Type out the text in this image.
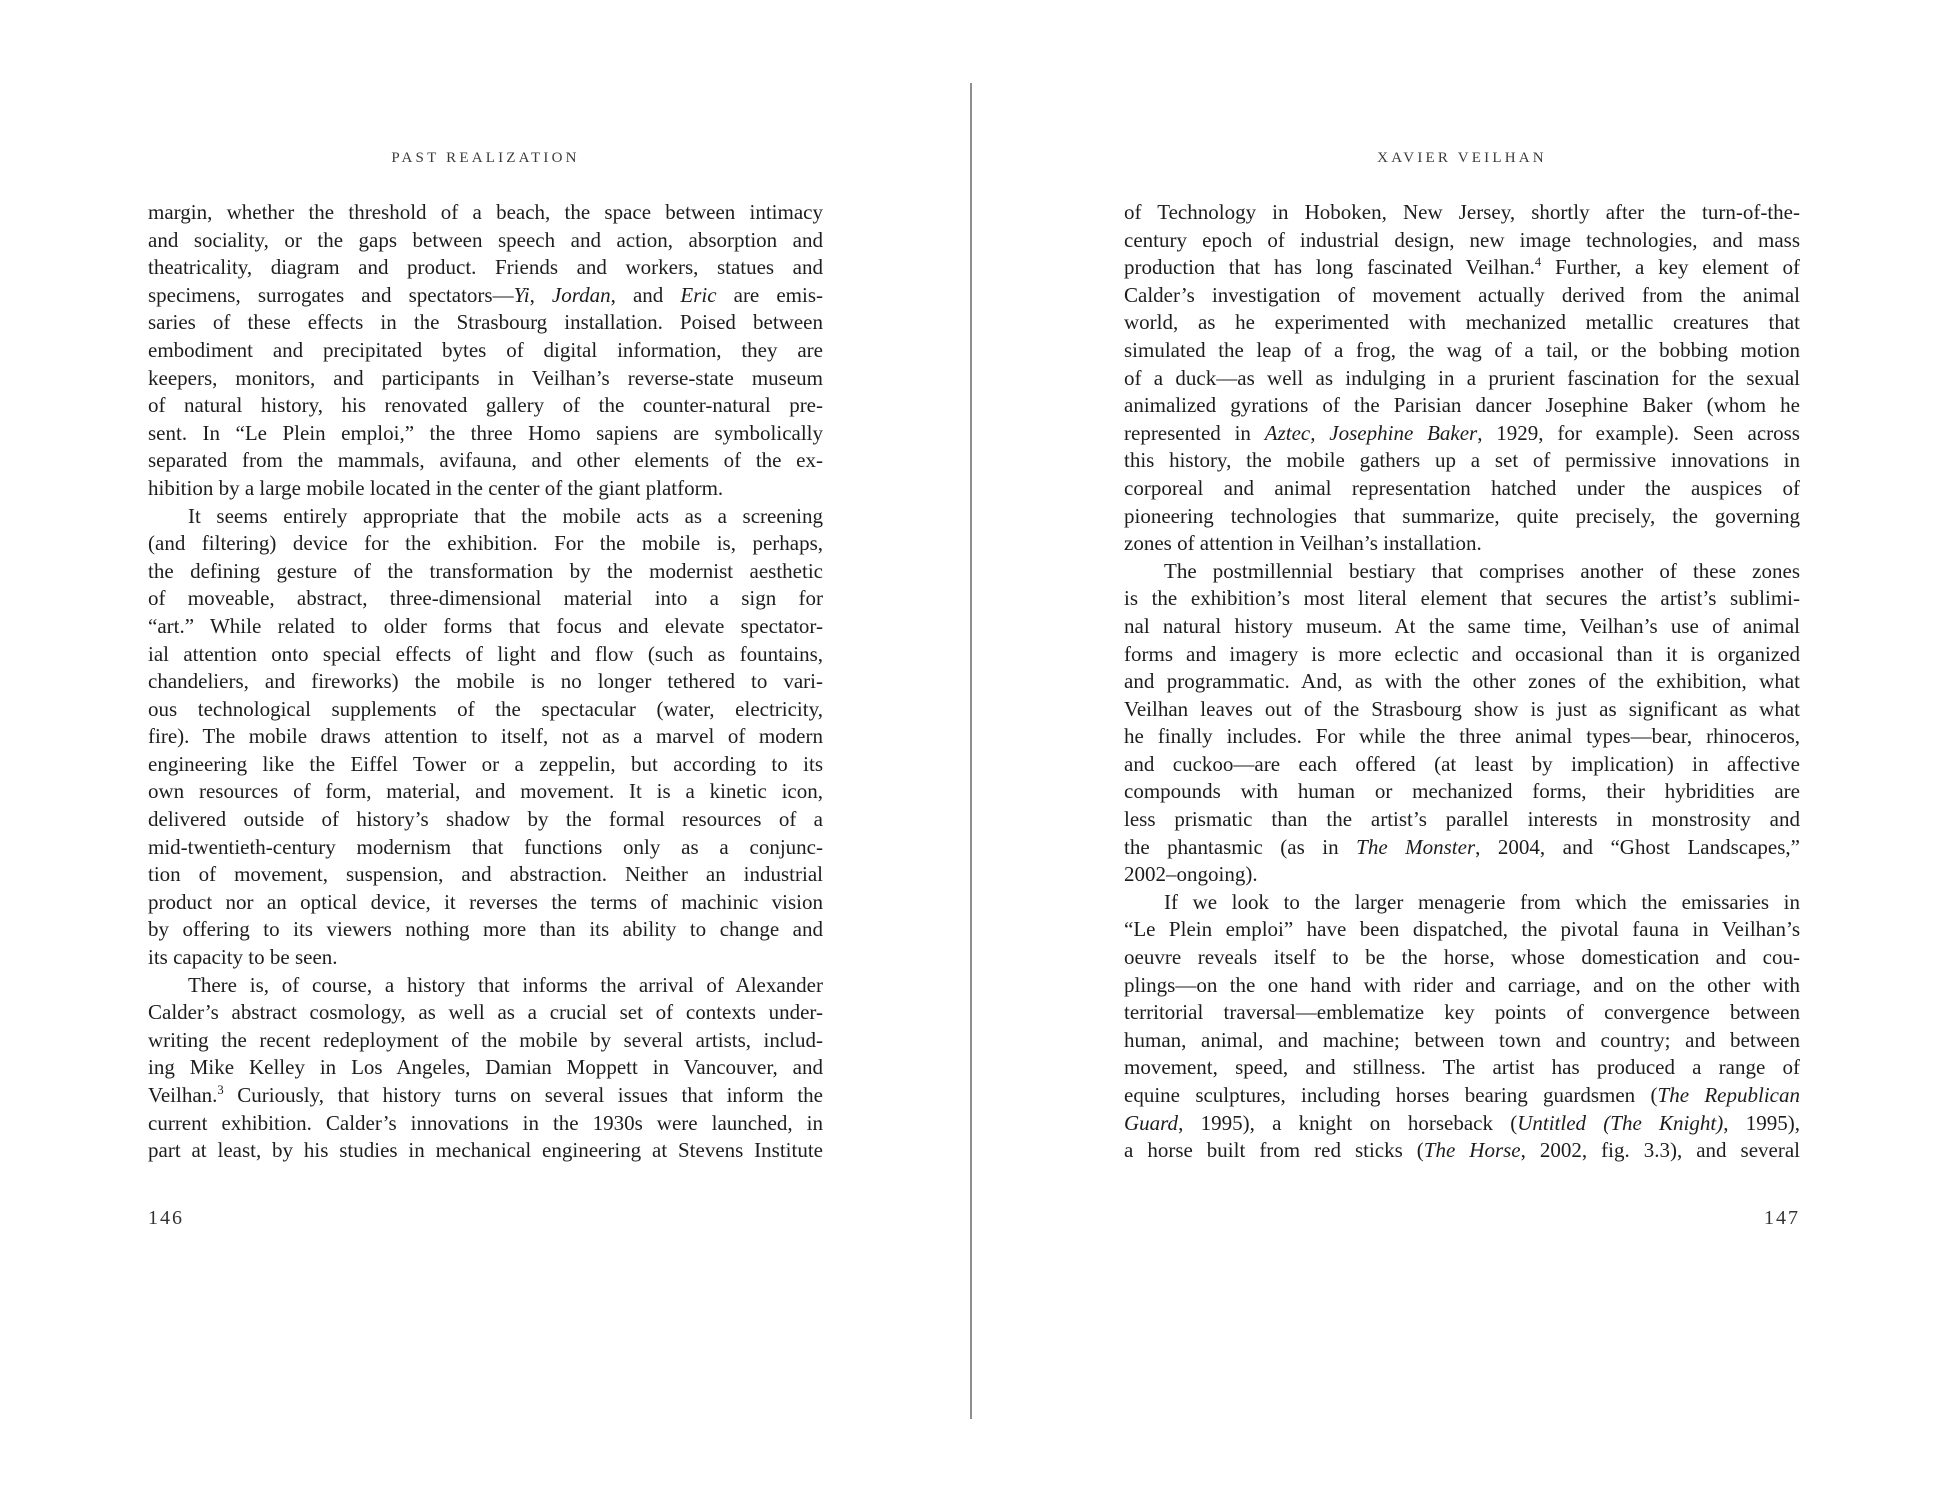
PAST REALIZATION
margin, whether the threshold of a beach, the space between intimacy
and sociality, or the gaps between speech and action, absorption and
theatricality, diagram and product. Friends and workers, statues and
specimens, surrogates and spectators—Yi, Jordan, and Eric are emis-
saries of these effects in the Strasbourg installation. Poised between
embodiment and precipitated bytes of digital information, they are
keepers, monitors, and participants in Veilhan’s reverse-state museum
of natural history, his renovated gallery of the counter-natural pre-
sent. In “Le Plein emploi,” the three Homo sapiens are symbolically
separated from the mammals, avifauna, and other elements of the ex-
hibition by a large mobile located in the center of the giant platform.
It seems entirely appropriate that the mobile acts as a screening
(and filtering) device for the exhibition. For the mobile is, perhaps,
the defining gesture of the transformation by the modernist aesthetic
of moveable, abstract, three-dimensional material into a sign for
“art.” While related to older forms that focus and elevate spectator-
ial attention onto special effects of light and flow (such as fountains,
chandeliers, and fireworks) the mobile is no longer tethered to vari-
ous technological supplements of the spectacular (water, electricity,
fire). The mobile draws attention to itself, not as a marvel of modern
engineering like the Eiffel Tower or a zeppelin, but according to its
own resources of form, material, and movement. It is a kinetic icon,
delivered outside of history’s shadow by the formal resources of a
mid-twentieth-century modernism that functions only as a conjunc-
tion of movement, suspension, and abstraction. Neither an industrial
product nor an optical device, it reverses the terms of machinic vision
by offering to its viewers nothing more than its ability to change and
its capacity to be seen.
There is, of course, a history that informs the arrival of Alexander
Calder’s abstract cosmology, as well as a crucial set of contexts under-
writing the recent redeployment of the mobile by several artists, includ-
ing Mike Kelley in Los Angeles, Damian Moppett in Vancouver, and
Veilhan.$^3$ Curiously, that history turns on several issues that inform the
current exhibition. Calder’s innovations in the 1930s were launched, in
part at least, by his studies in mechanical engineering at Stevens Institute
146
XAVIER VEILHAN
of Technology in Hoboken, New Jersey, shortly after the turn-of-the-
century epoch of industrial design, new image technologies, and mass
production that has long fascinated Veilhan.$^4$ Further, a key element of
Calder’s investigation of movement actually derived from the animal
world, as he experimented with mechanized metallic creatures that
simulated the leap of a frog, the wag of a tail, or the bobbing motion
of a duck—as well as indulging in a prurient fascination for the sexual
animalized gyrations of the Parisian dancer Josephine Baker (whom he
represented in Aztec, Josephine Baker, 1929, for example). Seen across
this history, the mobile gathers up a set of permissive innovations in
corporeal and animal representation hatched under the auspices of
pioneering technologies that summarize, quite precisely, the governing
zones of attention in Veilhan’s installation.
The postmillennial bestiary that comprises another of these zones
is the exhibition’s most literal element that secures the artist’s sublimi-
nal natural history museum. At the same time, Veilhan’s use of animal
forms and imagery is more eclectic and occasional than it is organized
and programmatic. And, as with the other zones of the exhibition, what
Veilhan leaves out of the Strasbourg show is just as significant as what
he finally includes. For while the three animal types—bear, rhinoceros,
and cuckoo—are each offered (at least by implication) in affective
compounds with human or mechanized forms, their hybridities are
less prismatic than the artist’s parallel interests in monstrosity and
the phantasmic (as in The Monster, 2004, and “Ghost Landscapes,”
2002–ongoing).
If we look to the larger menagerie from which the emissaries in
“Le Plein emploi” have been dispatched, the pivotal fauna in Veilhan’s
oeuvre reveals itself to be the horse, whose domestication and cou-
plings—on the one hand with rider and carriage, and on the other with
territorial traversal—emblematize key points of convergence between
human, animal, and machine; between town and country; and between
movement, speed, and stillness. The artist has produced a range of
equine sculptures, including horses bearing guardsmen (The Republican
Guard, 1995), a knight on horseback (Untitled (The Knight), 1995),
a horse built from red sticks (The Horse, 2002, fig. 3.3), and several
147
